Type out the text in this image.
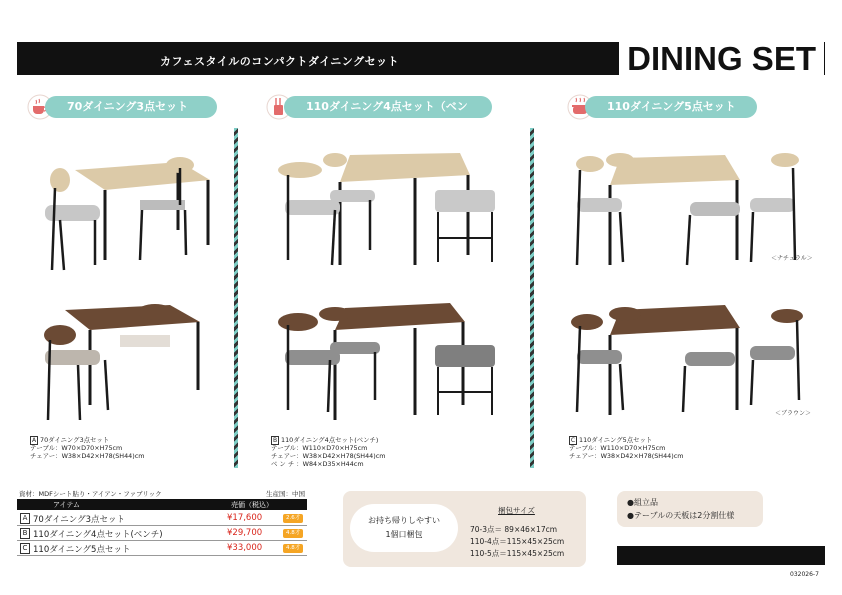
カフェスタイルのコンパクトダイニングセット	DINING SET
70ダイニング3点セット	110ダイニング4点セット（ベンチ）
110ダイニング5点セット
＜ナチュラル＞
＜ブラウン＞
A 70ダイニング3点セット
テーブル：W70×D70×H75cm
チェアー：W38×D42×H78(SH44)cm
B 110ダイニング4点セット(ベンチ)
テーブル：W110×D70×H75cm
チェアー：W38×D42×H78(SH44)cm
ベ ン チ ：W84×D35×H44cm
C 110ダイニング5点セット
テーブル：W110×D70×H75cm
チェアー：W38×D42×H78(SH44)cm
資材：MDFシート貼り・アイアン・ファブリック	生産国：中国
アイテム	売価（税込）
A 70ダイニング3点セット	¥17,600	2.6才
B 110ダイニング4点セット(ベンチ)	¥29,700	4.8才
C 110ダイニング5点セット	¥33,000	4.8才
お持ち帰りしやすい
1個口梱包
梱包サイズ
70-3点＝ 89×46×17cm
110-4点＝115×45×25cm
110-5点＝115×45×25cm
●組立品
●テーブルの天板は2分割仕様
032026-7
